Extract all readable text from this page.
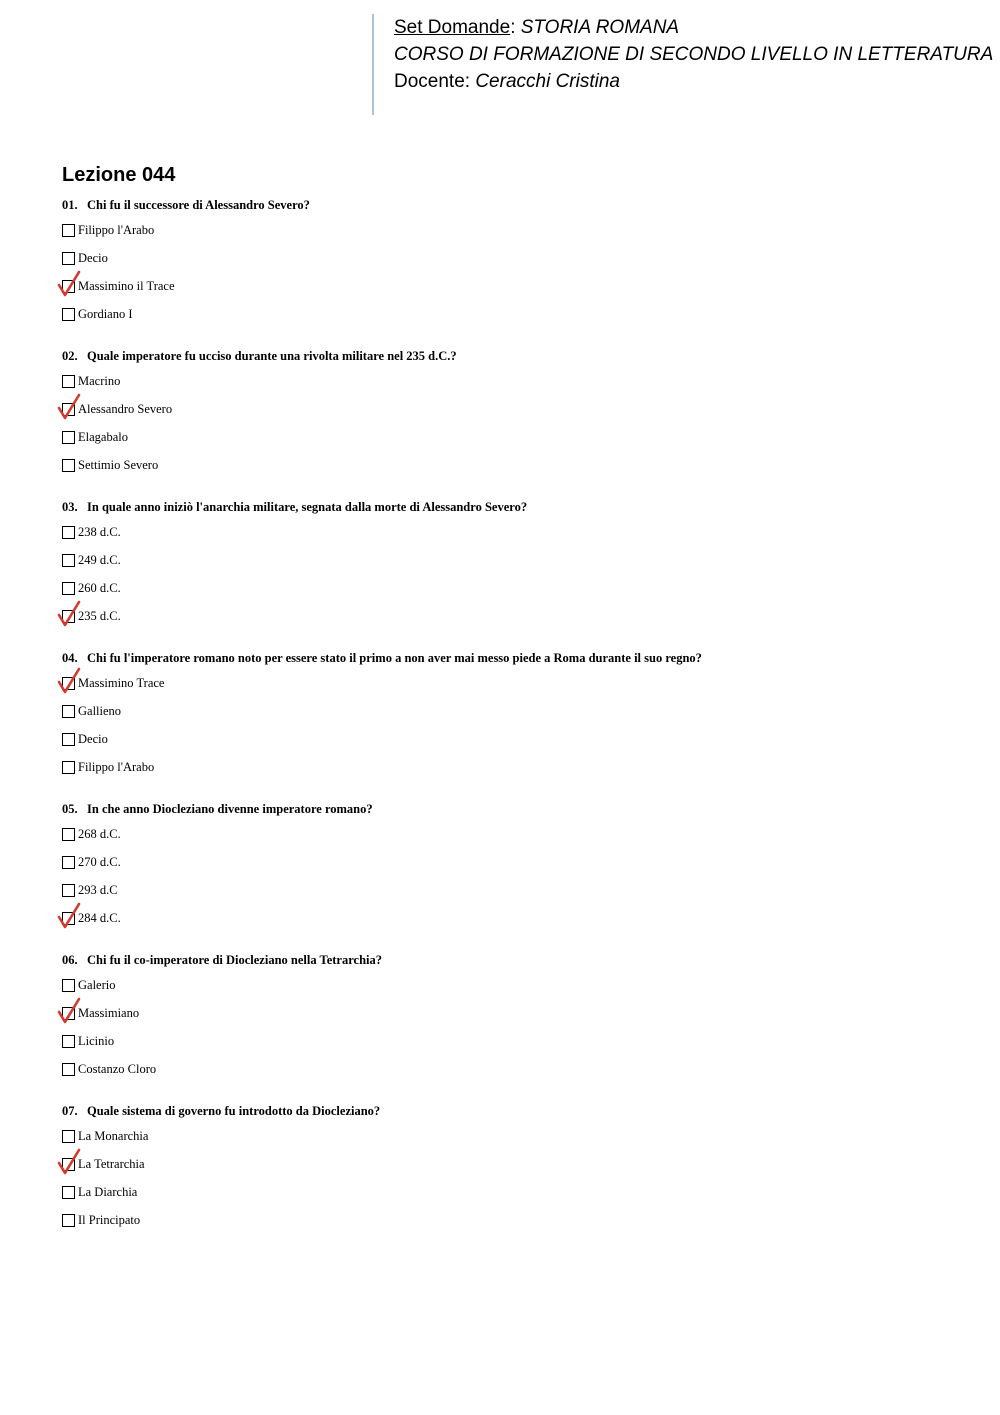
Set Domande: STORIA ROMANA
CORSO DI FORMAZIONE DI SECONDO LIVELLO IN LETTERATURA
Docente: Ceracchi Cristina
Lezione 044
01. Chi fu il successore di Alessandro Severo?
Filippo l'Arabo
Decio
Massimino il Trace
Gordiano I
02. Quale imperatore fu ucciso durante una rivolta militare nel 235 d.C.?
Macrino
Alessandro Severo
Elagabalo
Settimio Severo
03. In quale anno iniziò l'anarchia militare, segnata dalla morte di Alessandro Severo?
238 d.C.
249 d.C.
260 d.C.
235 d.C.
04. Chi fu l'imperatore romano noto per essere stato il primo a non aver mai messo piede a Roma durante il suo regno?
Massimino Trace
Gallieno
Decio
Filippo l'Arabo
05. In che anno Diocleziano divenne imperatore romano?
268 d.C.
270 d.C.
293 d.C
284 d.C.
06. Chi fu il co-imperatore di Diocleziano nella Tetrarchia?
Galerio
Massimiano
Licinio
Costanzo Cloro
07. Quale sistema di governo fu introdotto da Diocleziano?
La Monarchia
La Tetrarchia
La Diarchia
Il Principato
